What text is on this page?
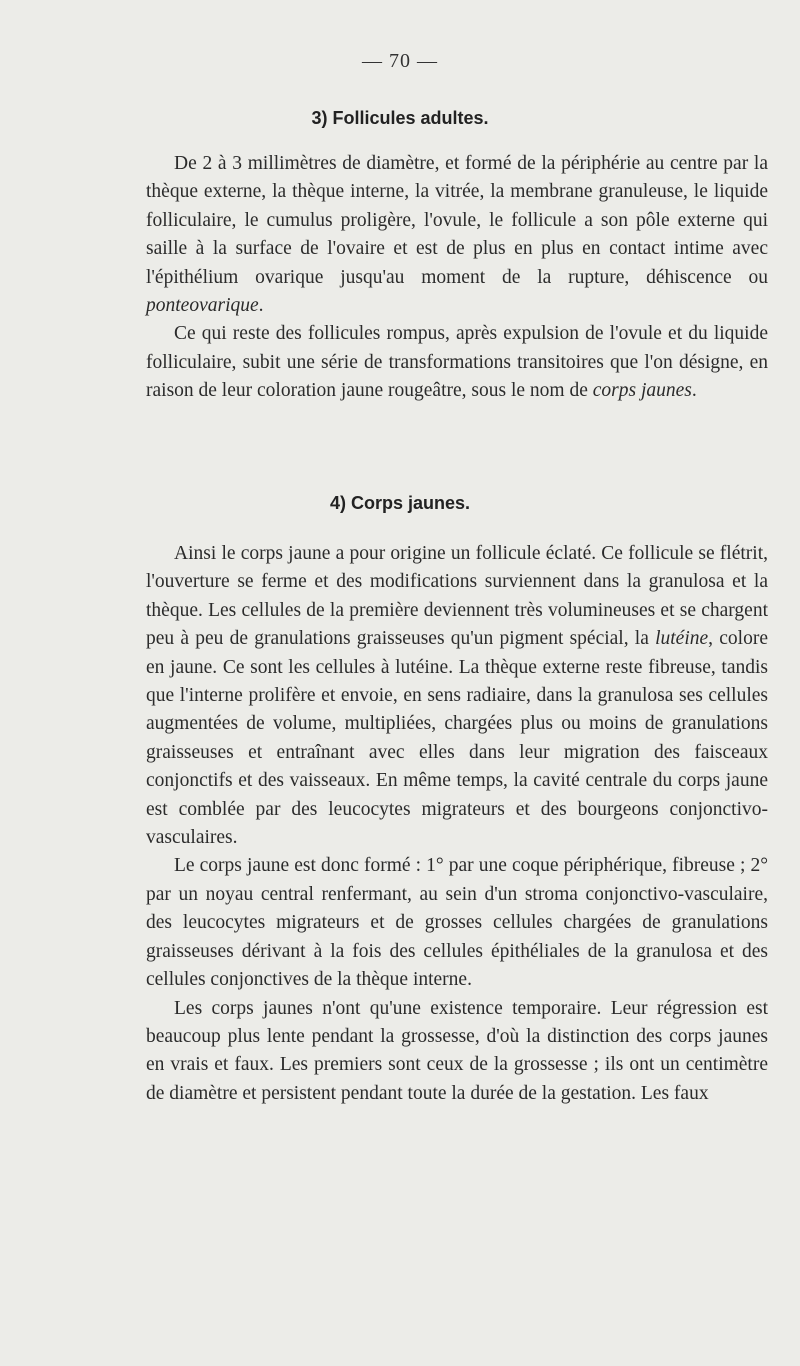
— 70 —
3) Follicules adultes.

De 2 à 3 millimètres de diamètre, et formé de la périphérie au centre par la thèque externe, la thèque interne, la vitrée, la membrane granuleuse, le liquide folliculaire, le cumulus proligère, l'ovule, le follicule a son pôle externe qui saille à la surface de l'ovaire et est de plus en plus en contact intime avec l'épithélium ovarique jusqu'au moment de la rupture, déhiscence ou ponteovarique.

Ce qui reste des follicules rompus, après expulsion de l'ovule et du liquide folliculaire, subit une série de transformations transitoires que l'on désigne, en raison de leur coloration jaune rougeâtre, sous le nom de corps jaunes.

4) Corps jaunes.

Ainsi le corps jaune a pour origine un follicule éclaté. Ce follicule se flétrit, l'ouverture se ferme et des modifications surviennent dans la granulosa et la thèque. Les cellules de la première deviennent très volumineuses et se chargent peu à peu de granulations graisseuses qu'un pigment spécial, la lutéine, colore en jaune. Ce sont les cellules à lutéine. La thèque externe reste fibreuse, tandis que l'interne prolifère et envoie, en sens radiaire, dans la granulosa ses cellules augmentées de volume, multipliées, chargées plus ou moins de granulations graisseuses et entraînant avec elles dans leur migration des faisceaux conjonctifs et des vaisseaux. En même temps, la cavité centrale du corps jaune est comblée par des leucocytes migrateurs et des bourgeons conjonctivo-vasculaires.

Le corps jaune est donc formé : 1° par une coque périphérique, fibreuse ; 2° par un noyau central renfermant, au sein d'un stroma conjonctivo-vasculaire, des leucocytes migrateurs et de grosses cellules chargées de granulations graisseuses dérivant à la fois des cellules épithéliales de la granulosa et des cellules conjonctives de la thèque interne.

Les corps jaunes n'ont qu'une existence temporaire. Leur régression est beaucoup plus lente pendant la grossesse, d'où la distinction des corps jaunes en vrais et faux. Les premiers sont ceux de la grossesse ; ils ont un centimètre de diamètre et persistent pendant toute la durée de la gestation. Les faux
